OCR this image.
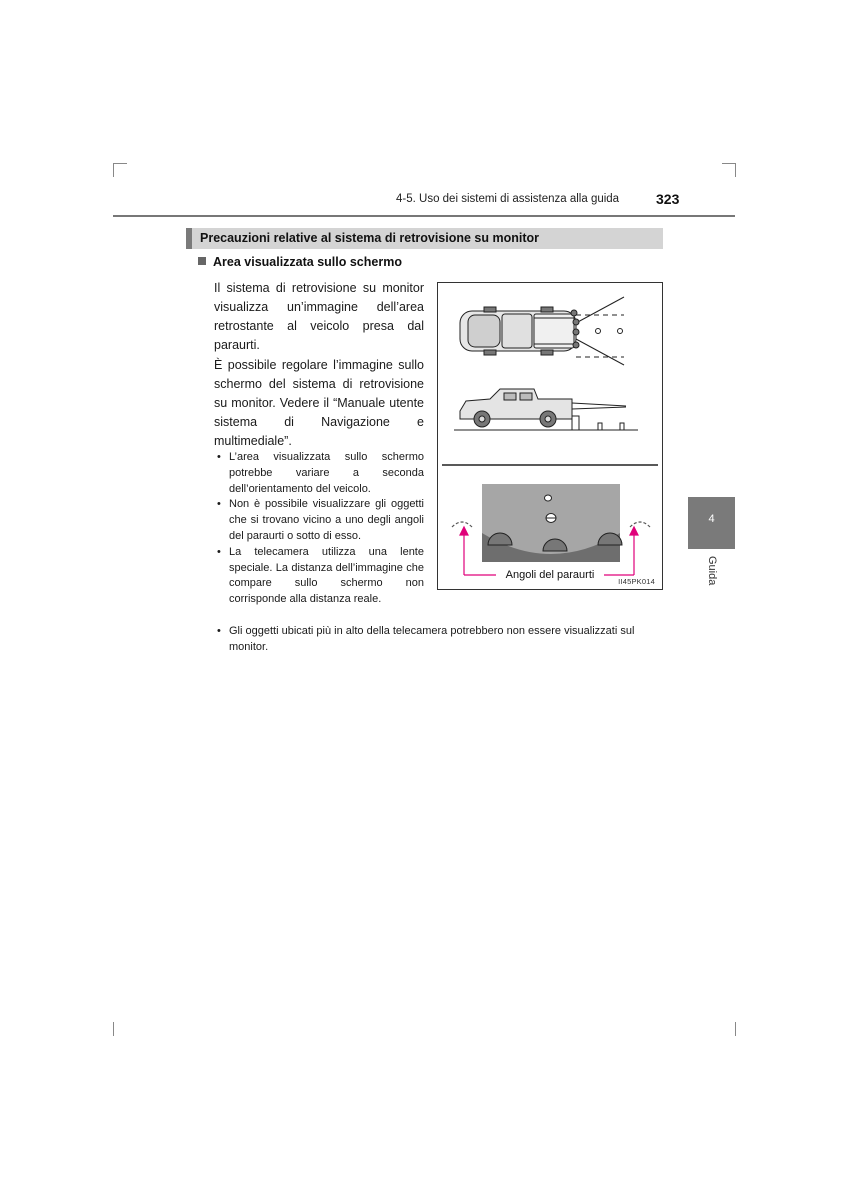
4-5. Uso dei sistemi di assistenza alla guida	323
Precauzioni relative al sistema di retrovisione su monitor
Area visualizzata sullo schermo
Il sistema di retrovisione su monitor visualizza un’immagine dell’area retrostante al veicolo presa dal paraurti.
È possibile regolare l’immagine sullo schermo del sistema di retrovisione su monitor. Vedere il “Manuale utente sistema di Navigazione e multimediale”.
• L’area visualizzata sullo schermo potrebbe variare a seconda dell’orientamento del veicolo.
• Non è possibile visualizzare gli oggetti che si trovano vicino a uno degli angoli del paraurti o sotto di esso.
• La telecamera utilizza una lente speciale. La distanza dell’immagine che compare sullo schermo non corrisponde alla distanza reale.
• Gli oggetti ubicati più in alto della telecamera potrebbero non essere visualizzati sul monitor.
Angoli del paraurti
II45PK014
4
Guida
